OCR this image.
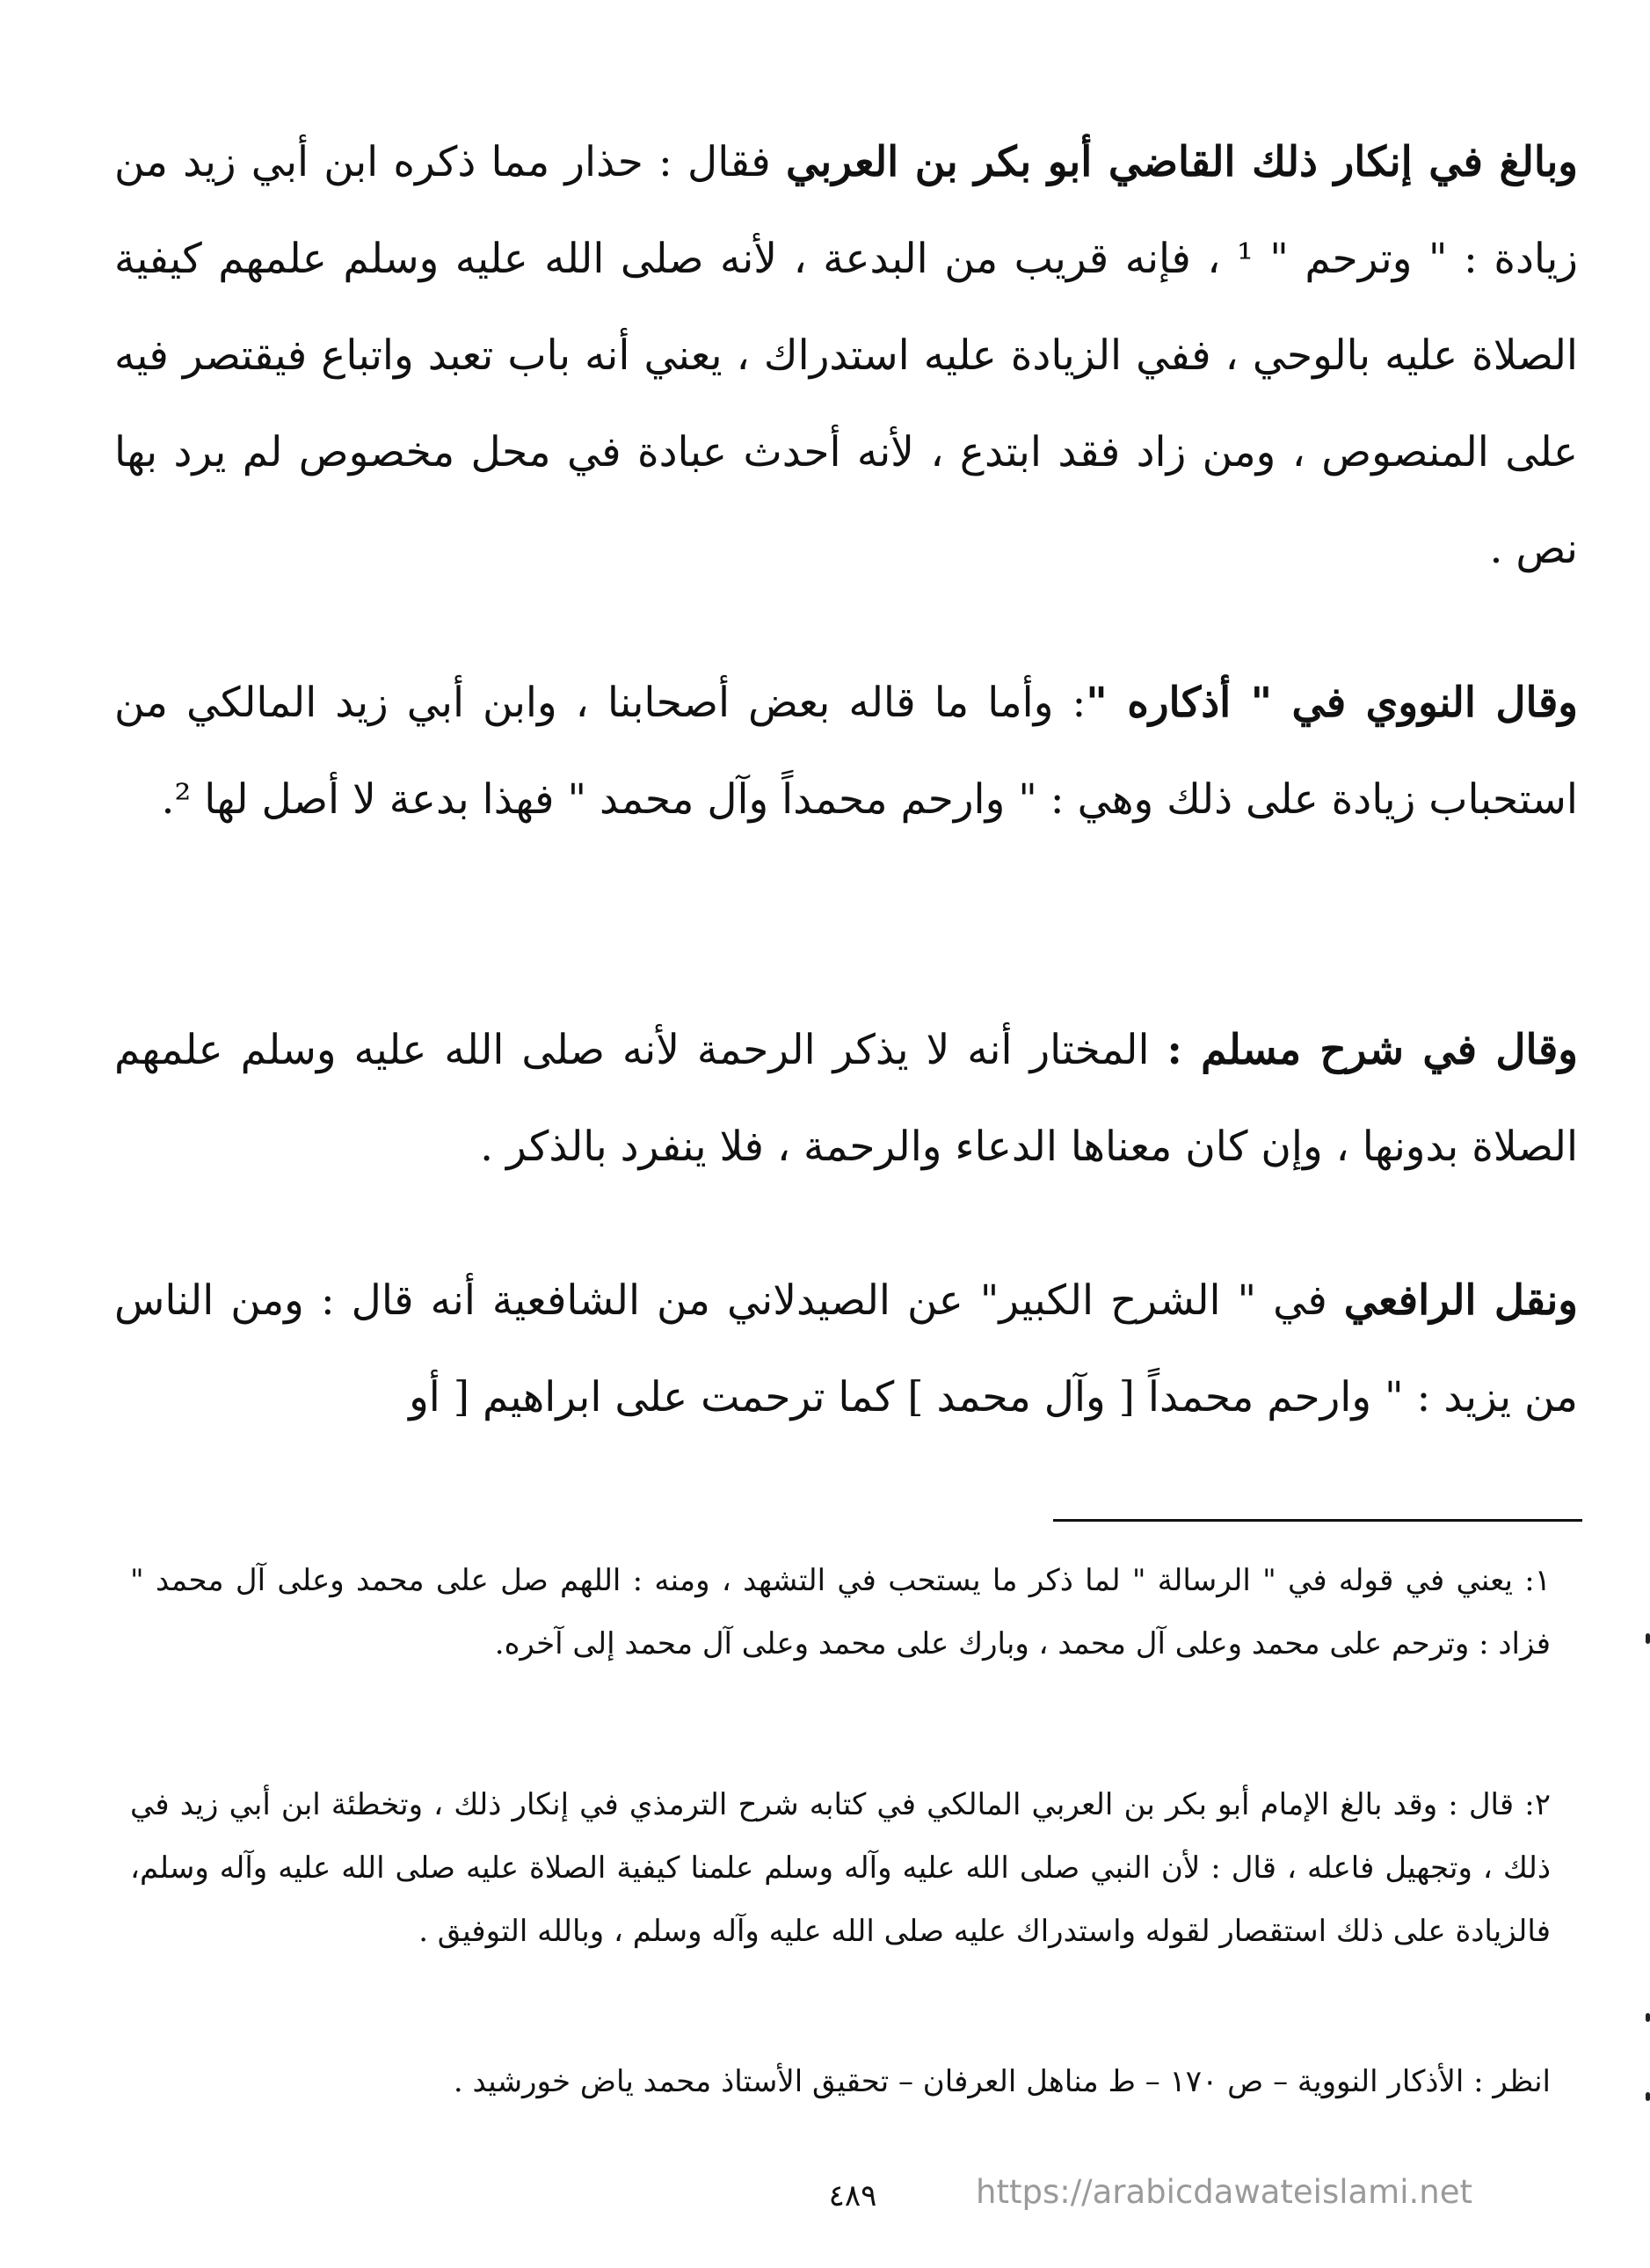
وبالغ في إنكار ذلك القاضي أبو بكر بن العربي فقال : حذار مما ذكره ابن أبي زيد من زيادة : " وترحم " ¹ ، فإنه قريب من البدعة ، لأنه صلى الله عليه وسلم علمهم كيفية الصلاة عليه بالوحي ، ففي الزيادة عليه استدراك ، يعني أنه باب تعبد واتباع فيقتصر فيه على المنصوص ، ومن زاد فقد ابتدع ، لأنه أحدث عبادة في محل مخصوص لم يرد بها نص .
وقال النووي في " أذكاره ": وأما ما قاله بعض أصحابنا ، وابن أبي زيد المالكي من استحباب زيادة على ذلك وهي : " وارحم محمداً وآل محمد " فهذا بدعة لا أصل لها ².
وقال في شرح مسلم : المختار أنه لا يذكر الرحمة لأنه صلى الله عليه وسلم علمهم الصلاة بدونها ، وإن كان معناها الدعاء والرحمة ، فلا ينفرد بالذكر .
ونقل الرافعي في " الشرح الكبير" عن الصيدلاني من الشافعية أنه قال : ومن الناس من يزيد : " وارحم محمداً [ وآل محمد ] كما ترحمت على ابراهيم [ أو
١: يعني في قوله في " الرسالة " لما ذكر ما يستحب في التشهد ، ومنه : اللهم صل على محمد وعلى آل محمد " فزاد : وترحم على محمد وعلى آل محمد ، وبارك على محمد وعلى آل محمد إلى آخره.
٢: قال : وقد بالغ الإمام أبو بكر بن العربي المالكي في كتابه شرح الترمذي في إنكار ذلك ، وتخطئة ابن أبي زيد في ذلك ، وتجهيل فاعله ، قال : لأن النبي صلى الله عليه وآله وسلم علمنا كيفية الصلاة عليه صلى الله عليه وآله وسلم، فالزيادة على ذلك استقصار لقوله واستدراك عليه صلى الله عليه وآله وسلم ، وبالله التوفيق .
انظر : الأذكار النووية – ص ١٧٠ – ط مناهل العرفان – تحقيق الأستاذ محمد ياض خورشيد .
٤٨٩	https://arabicdawateislami.net
